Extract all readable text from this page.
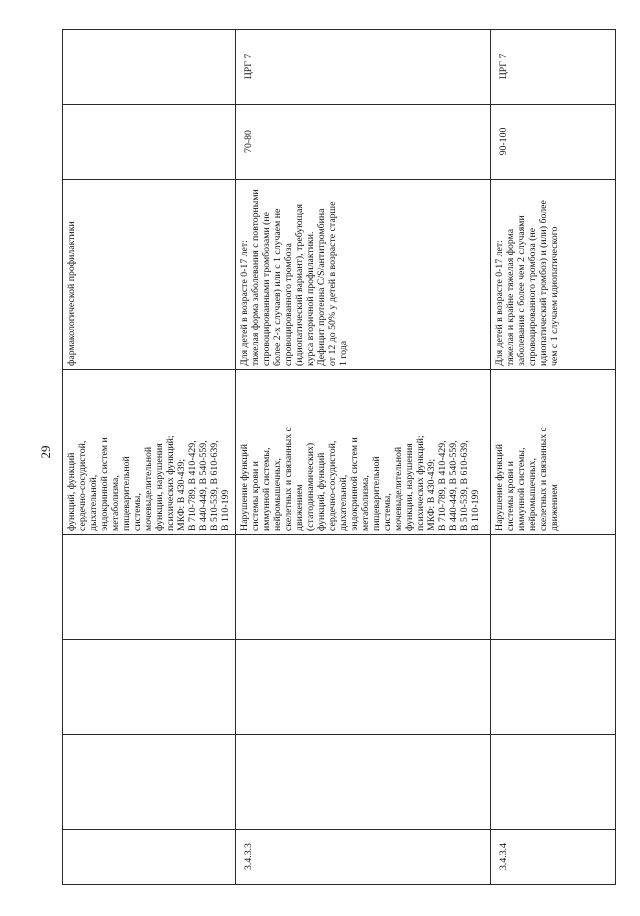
29
функций, функций
сердечно-сосудистой,
дыхательной,
эндокринной систем и
метаболизма,
пищеварительной
системы,
мочевыделительной
функции, нарушения
психических функций;
МКФ: В 430-439;
В 710-789, В 410-429,
В 440-449, В 540-559,
В 510-539, В 610-639,
В 110-199
фармакологической профилактики
3.4.3.3
Нарушение функций
системы крови и
иммунной системы,
нейромышечных,
скелетных и связанных с
движением
(статодинамических)
функций, функций
сердечно-сосудистой,
дыхательной,
эндокринной систем и
метаболизма,
пищеварительной
системы,
мочевыделительной
функции, нарушения
психических функций;
МКФ: В 430-439;
В 710-789, В 410-429,
В 440-449, В 540-559,
В 510-539, В 610-639,
В 110-199
Для детей в возрасте 0-17 лет:
тяжелая форма заболевания с повторными
спровоцированными тромбозами (не
более 2-х случаев) или с 1 случаем не
спровоцированного тромбоза
(идиопатический вариант), требующая
курса вторичной профилактики.
Дефицит протеина С/S/антитромбина
от 12 до 50% у детей в возрасте старше
1 года
70-80
ЦРГ 7
3.4.3.4
Нарушение функций
системы крови и
иммунной системы,
нейромышечных,
скелетных и связанных с
движением
Для детей в возрасте 0-17 лет:
тяжелая и крайне тяжелая форма
заболевания с более чем 2 случаями
спровоцированного тромбоза (не
идиопатический тромбоз) и (или) более
чем с 1 случаем идиопатического
90-100
ЦРГ 7
